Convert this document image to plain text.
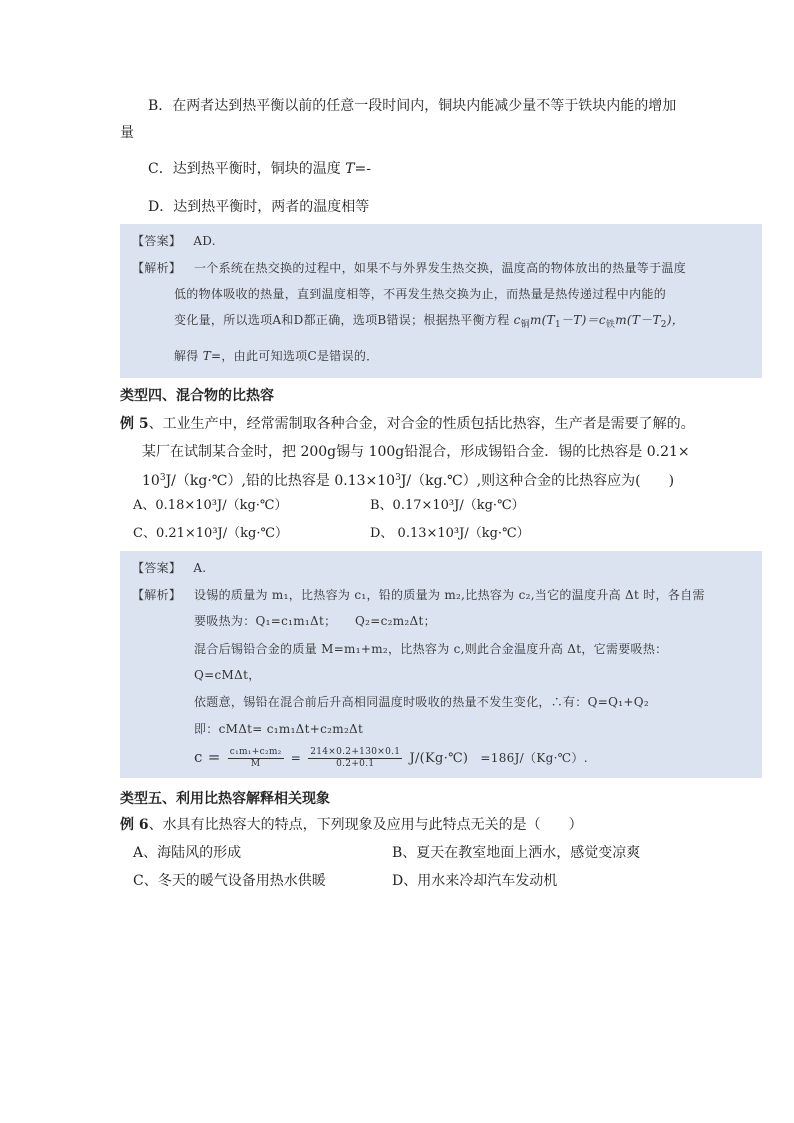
B．在两者达到热平衡以前的任意一段时间内，铜块内能减少量不等于铁块内能的增加
量
C．达到热平衡时，铜块的温度 T=-
D．达到热平衡时，两者的温度相等
【答案】 AD.
【解析】 一个系统在热交换的过程中，如果不与外界发生热交换，温度高的物体放出的热量等于温度
低的物体吸收的热量，直到温度相等，不再发生热交换为止，而热量是热传递过程中内能的
变化量，所以选项A和D都正确，选项B错误；根据热平衡方程 $c_铜m(T_1-T)=c_铁m(T-T_2)$，
解得 T=，由此可知选项C是错误的．
类型四、混合物的比热容
例 5、工业生产中，经常需制取各种合金，对合金的性质包括比热容，生产者是需要了解的。
某厂在试制某合金时，把 200g锡与 100g铅混合，形成锡铅合金．锡的比热容是 0.21×
$10^3J/(kg\cdot℃)$,铅的比热容是 $0.13\times 10^3J/(kg.℃)$,则这种合金的比热容应为(　　)
A、0.18×10³J/（kg·℃）	B、0.17×10³J/（kg·℃）
C、0.21×10³J/（kg·℃）	D、 0.13×10³J/（kg·℃）
【答案】 A.
【解析】 设锡的质量为 m₁，比热容为 c₁，铅的质量为 m₂,比热容为 c₂,当它的温度升高 Δt 时，各自需
要吸热为：Q₁=c₁m₁Δt；　　Q₂=c₂m₂Δt；
混合后锡铅合金的质量 M=m₁+m₂，比热容为 c,则此合金温度升高 Δt，它需要吸热：
Q=cMΔt，
依题意，锡铅在混合前后升高相同温度时吸收的热量不发生变化，∴有：Q=Q₁+Q₂
即：cMΔt= c₁m₁Δt+c₂m₂Δt
$c = \frac{\text{c₁m₁+c₂m₂}}{M} = \frac{214\times 0.2+130\times 0.1}{0.2+0.1}$ J/(Kg·℃) =186J/（Kg·℃）.
类型五、利用比热容解释相关现象
例 6、水具有比热容大的特点，下列现象及应用与此特点无关的是（　　）
A、海陆风的形成	B、夏天在教室地面上洒水，感觉变凉爽
C、冬天的暖气设备用热水供暖	D、用水来冷却汽车发动机
